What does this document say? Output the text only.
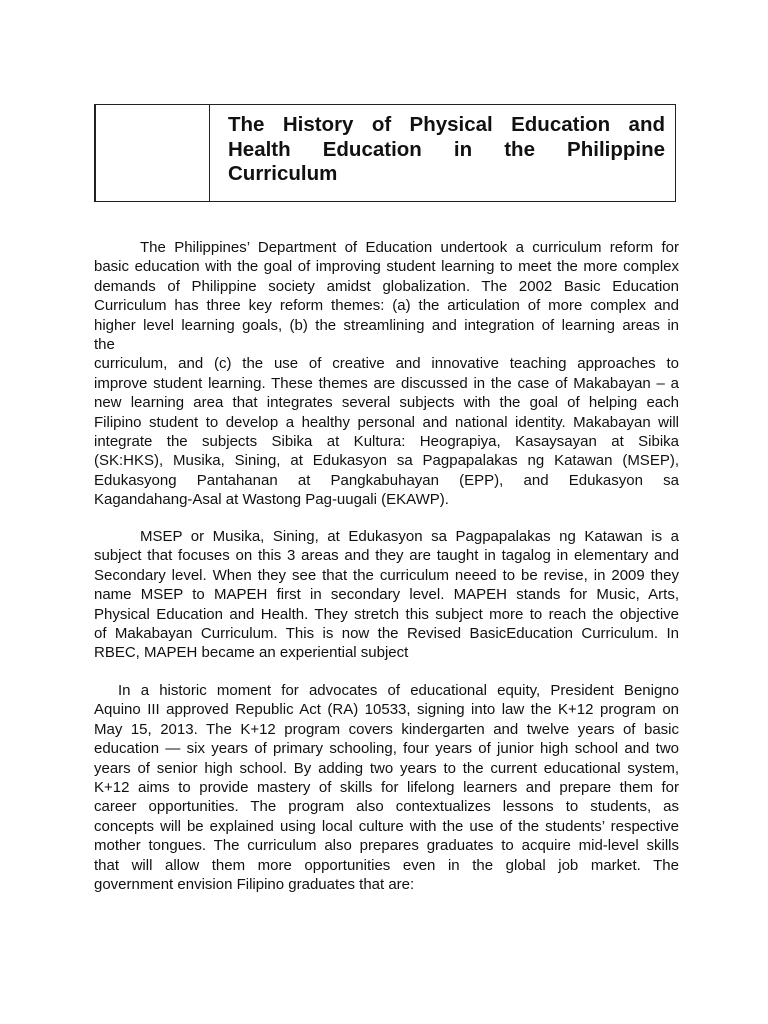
The History of Physical Education and Health Education in the Philippine Curriculum
The Philippines’ Department of Education undertook a curriculum reform for
basic education with the goal of improving student learning to meet the more complex
demands of Philippine society amidst globalization. The 2002 Basic Education
Curriculum has three key reform themes: (a) the articulation of more complex and
higher level learning goals, (b) the streamlining and integration of learning areas in
the
curriculum, and (c) the use of creative and innovative teaching approaches to
improve student learning. These themes are discussed in the case of Makabayan – a
new learning area that integrates several subjects with the goal of helping each
Filipino student to develop a healthy personal and national identity. Makabayan will
integrate the subjects Sibika at Kultura: Heograpiya, Kasaysayan at Sibika
(SK:HKS), Musika, Sining, at Edukasyon sa Pagpapalakas ng Katawan (MSEP),
Edukasyong Pantahanan at Pangkabuhayan (EPP), and Edukasyon sa
Kagandahang-Asal at Wastong Pag-uugali (EKAWP).
MSEP or Musika, Sining, at Edukasyon sa Pagpapalakas ng Katawan is a
subject that focuses on this 3 areas and they are taught in tagalog in elementary and
Secondary level. When they see that the curriculum neeed to be revise, in 2009 they
name MSEP to MAPEH first in secondary level. MAPEH stands for Music, Arts,
Physical Education and Health. They stretch this subject more to reach the objective
of Makabayan Curriculum. This is now the Revised BasicEducation Curriculum. In
RBEC, MAPEH became an experiential subject
In a historic moment for advocates of educational equity, President Benigno
Aquino III approved Republic Act (RA) 10533, signing into law the K+12 program on
May 15, 2013. The K+12 program covers kindergarten and twelve years of basic
education — six years of primary schooling, four years of junior high school and two
years of senior high school. By adding two years to the current educational system,
K+12 aims to provide mastery of skills for lifelong learners and prepare them for
career opportunities. The program also contextualizes lessons to students, as
concepts will be explained using local culture with the use of the students’ respective
mother tongues. The curriculum also prepares graduates to acquire mid-level skills
that will allow them more opportunities even in the global job market. The
government envision Filipino graduates that are:
